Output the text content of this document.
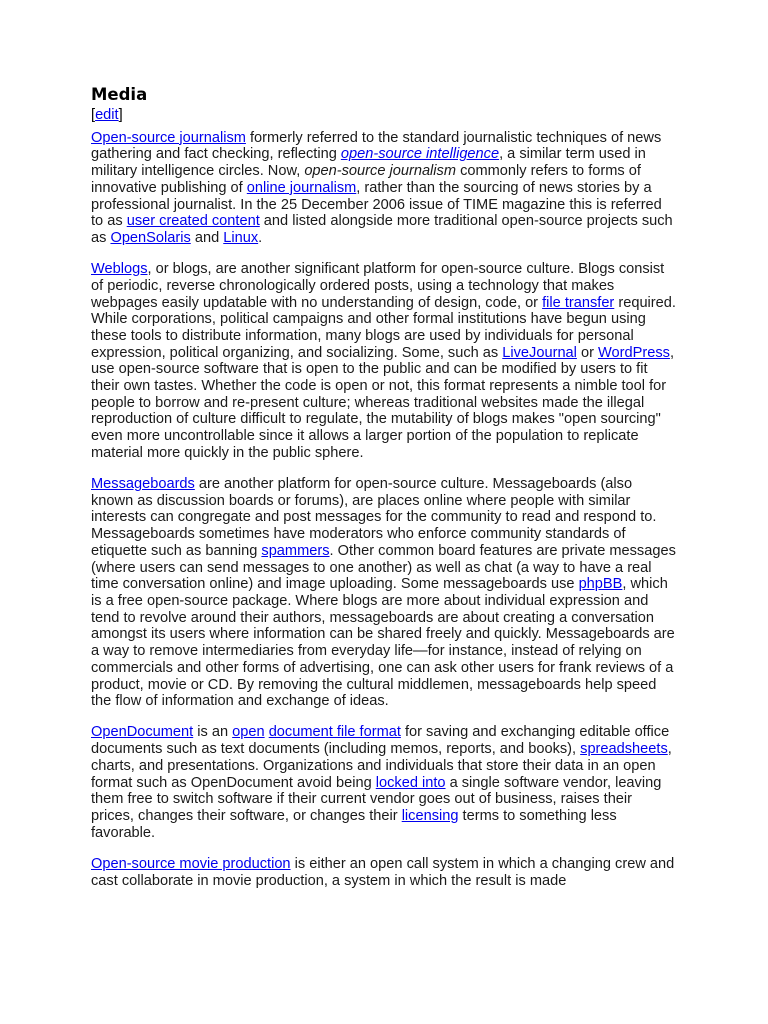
Media
[edit]

Open-source journalism formerly referred to the standard journalistic techniques of news gathering and fact checking, reflecting open-source intelligence, a similar term used in military intelligence circles. Now, open-source journalism commonly refers to forms of innovative publishing of online journalism, rather than the sourcing of news stories by a professional journalist. In the 25 December 2006 issue of TIME magazine this is referred to as user created content and listed alongside more traditional open-source projects such as OpenSolaris and Linux.

Weblogs, or blogs, are another significant platform for open-source culture. Blogs consist of periodic, reverse chronologically ordered posts, using a technology that makes webpages easily updatable with no understanding of design, code, or file transfer required. While corporations, political campaigns and other formal institutions have begun using these tools to distribute information, many blogs are used by individuals for personal expression, political organizing, and socializing. Some, such as LiveJournal or WordPress, use open-source software that is open to the public and can be modified by users to fit their own tastes. Whether the code is open or not, this format represents a nimble tool for people to borrow and re-present culture; whereas traditional websites made the illegal reproduction of culture difficult to regulate, the mutability of blogs makes "open sourcing" even more uncontrollable since it allows a larger portion of the population to replicate material more quickly in the public sphere.

Messageboards are another platform for open-source culture. Messageboards (also known as discussion boards or forums), are places online where people with similar interests can congregate and post messages for the community to read and respond to. Messageboards sometimes have moderators who enforce community standards of etiquette such as banning spammers. Other common board features are private messages (where users can send messages to one another) as well as chat (a way to have a real time conversation online) and image uploading. Some messageboards use phpBB, which is a free open-source package. Where blogs are more about individual expression and tend to revolve around their authors, messageboards are about creating a conversation amongst its users where information can be shared freely and quickly. Messageboards are a way to remove intermediaries from everyday life—for instance, instead of relying on commercials and other forms of advertising, one can ask other users for frank reviews of a product, movie or CD. By removing the cultural middlemen, messageboards help speed the flow of information and exchange of ideas.

OpenDocument is an open document file format for saving and exchanging editable office documents such as text documents (including memos, reports, and books), spreadsheets, charts, and presentations. Organizations and individuals that store their data in an open format such as OpenDocument avoid being locked into a single software vendor, leaving them free to switch software if their current vendor goes out of business, raises their prices, changes their software, or changes their licensing terms to something less favorable.

Open-source movie production is either an open call system in which a changing crew and cast collaborate in movie production, a system in which the result is made
